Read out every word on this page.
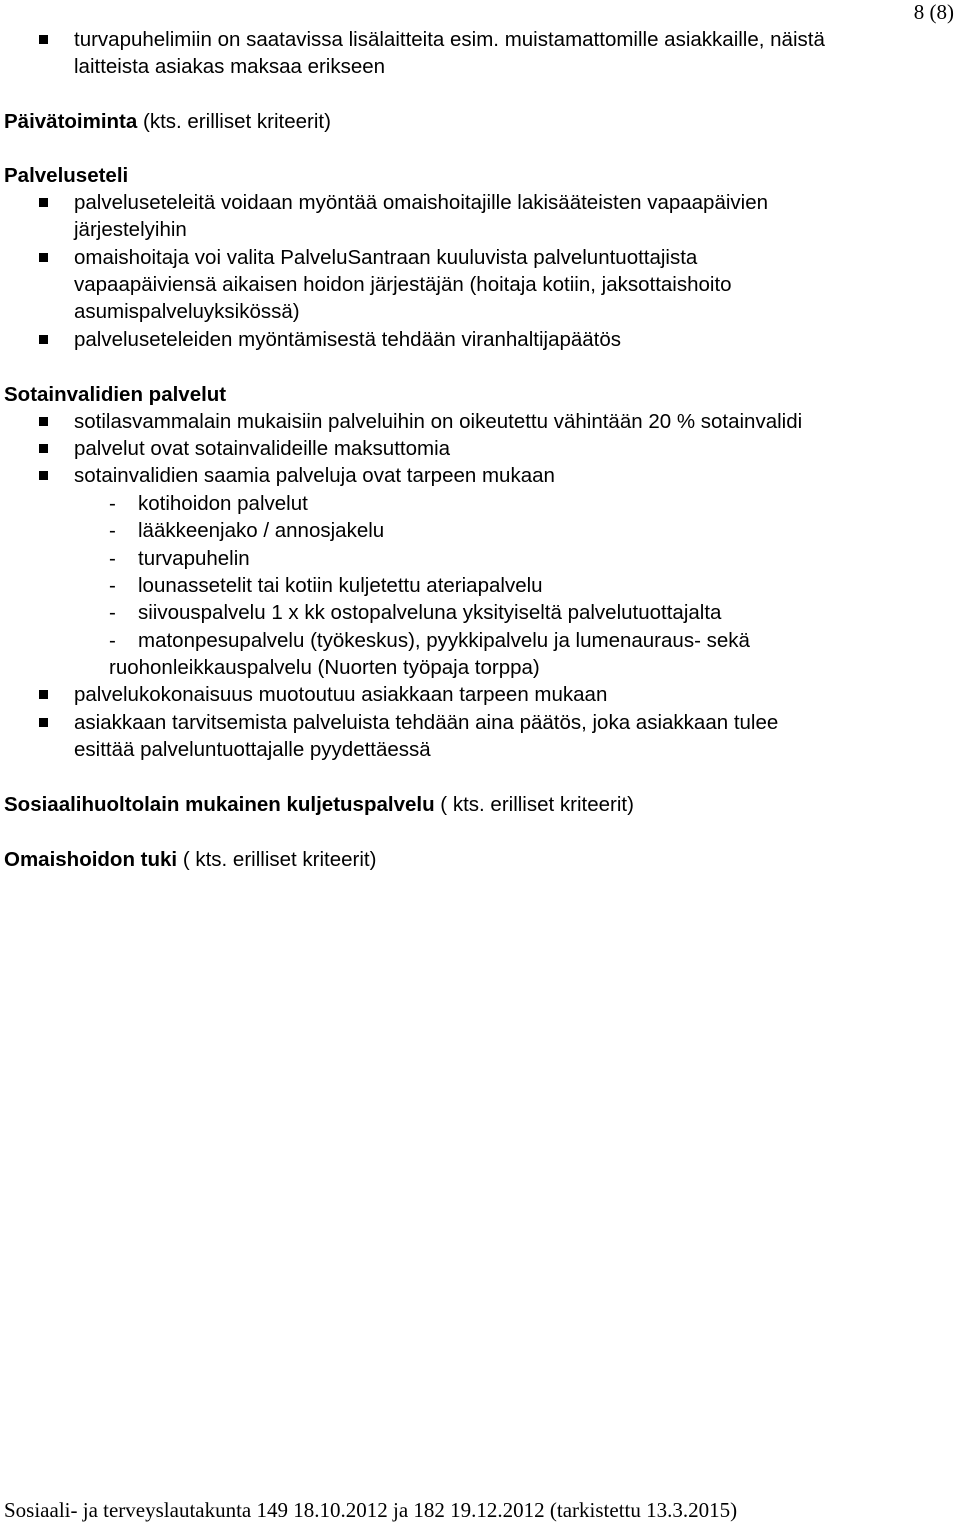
8 (8)
turvapuhelimiin on saatavissa lisälaitteita esim. muistamattomille asiakkaille, näistä
laitteista asiakas maksaa erikseen
Päivätoiminta (kts. erilliset kriteerit)
Palveluseteli
palveluseteleitä voidaan myöntää omaishoitajille lakisääteisten vapaapäivien
järjestelyihin
omaishoitaja voi valita PalveluSantraan kuuluvista palveluntuottajista
vapaapäiviensä aikaisen hoidon järjestäjän (hoitaja kotiin, jaksottaishoito
asumispalveluyksikössä)
palveluseteleiden myöntämisestä tehdään viranhaltijapäätös
Sotainvalidien palvelut
sotilasvammalain mukaisiin palveluihin on oikeutettu vähintään 20 % sotainvalidi
palvelut ovat sotainvalideille maksuttomia
sotainvalidien saamia palveluja ovat tarpeen mukaan
- kotihoidon palvelut
- lääkkeenjako / annosjakelu
- turvapuhelin
- lounassetelit tai kotiin kuljetettu ateriapalvelu
- siivouspalvelu 1 x kk ostopalveluna yksityiseltä palvelutuottajalta
- matonpesupalvelu (työkeskus), pyykkipalvelu ja lumenauraus- sekä
ruohonleikkauspalvelu (Nuorten työpaja torppa)
palvelukokonaisuus muotoutuu asiakkaan tarpeen mukaan
asiakkaan tarvitsemista palveluista tehdään aina päätös, joka asiakkaan tulee
esittää palveluntuottajalle pyydettäessä
Sosiaalihuoltolain mukainen kuljetuspalvelu ( kts. erilliset kriteerit)
Omaishoidon tuki ( kts. erilliset kriteerit)
Sosiaali- ja terveyslautakunta 149 18.10.2012 ja 182 19.12.2012 (tarkistettu 13.3.2015)
